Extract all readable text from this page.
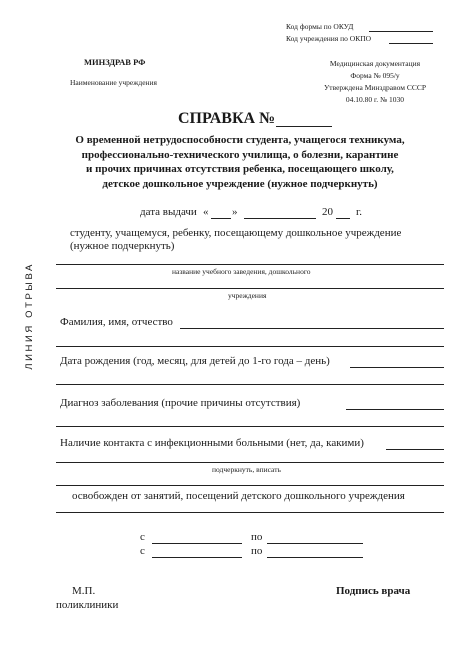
Код формы по ОКУД
Код учреждения по ОКПО
МИНЗДРАВ РФ
Наименование учреждения
Медицинская документация
Форма № 095/у
Утверждена Минздравом СССР
04.10.80 г. № 1030
СПРАВКА №
О временной нетрудоспособности студента, учащегося техникума,
профессионально-технического училища, о болезни, карантине
и прочих причинах отсутствия ребенка, посещающего школу,
детское дошкольное учреждение (нужное подчеркнуть)
дата выдачи « »	20 г.
студенту, учащемуся, ребенку, посещающему дошкольное учреждение
(нужное подчеркнуть)
название учебного заведения, дошкольного
учреждения
Фамилия, имя, отчество
Дата рождения (год, месяц, для детей до 1-го года – день)
Диагноз заболевания (прочие причины отсутствия)
Наличие контакта с инфекционными больными (нет, да, какими)
подчеркнуть, вписать
освобожден от занятий, посещений детского дошкольного учреждения
с	по
с	по
М.П.
поликлиники
Подпись врача
ЛИНИЯ ОТРЫВА
